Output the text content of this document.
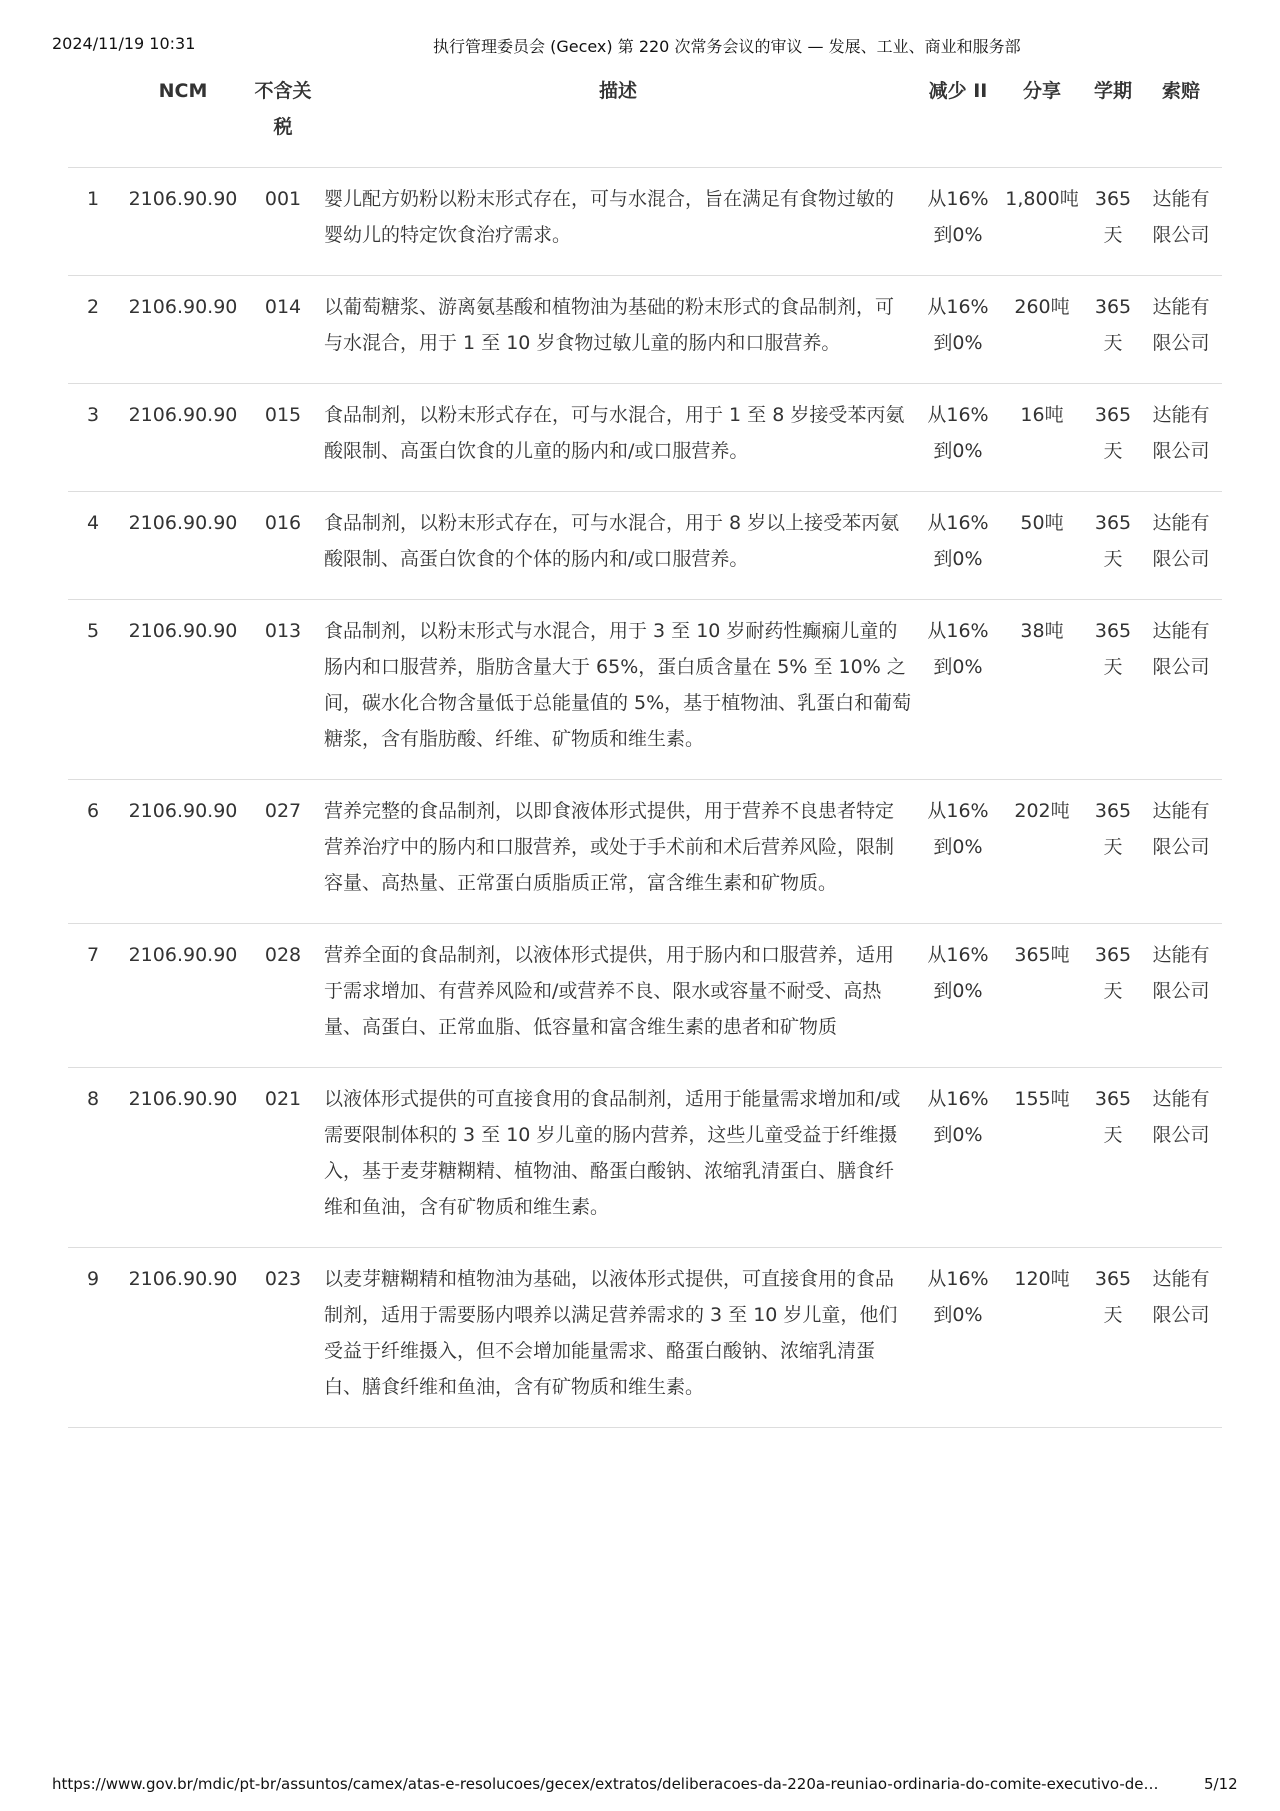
2024/11/19 10:31	执行管理委员会 (Gecex) 第 220 次常务会议的审议 — 发展、工业、商业和服务部
	NCM	不含关税	描述	减少 II	分享	学期	索赔
1	2106.90.90	001	婴儿配方奶粉以粉末形式存在，可与水混合，旨在满足有食物过敏的婴幼儿的特定饮食治疗需求。	从16%到0%	1,800吨	365天	达能有限公司
2	2106.90.90	014	以葡萄糖浆、游离氨基酸和植物油为基础的粉末形式的食品制剂，可与水混合，用于 1 至 10 岁食物过敏儿童的肠内和口服营养。	从16%到0%	260吨	365天	达能有限公司
3	2106.90.90	015	食品制剂，以粉末形式存在，可与水混合，用于 1 至 8 岁接受苯丙氨酸限制、高蛋白饮食的儿童的肠内和/或口服营养。	从16%到0%	16吨	365天	达能有限公司
4	2106.90.90	016	食品制剂，以粉末形式存在，可与水混合，用于 8 岁以上接受苯丙氨酸限制、高蛋白饮食的个体的肠内和/或口服营养。	从16%到0%	50吨	365天	达能有限公司
5	2106.90.90	013	食品制剂，以粉末形式与水混合，用于 3 至 10 岁耐药性癫痫儿童的肠内和口服营养，脂肪含量大于 65%，蛋白质含量在 5% 至 10% 之间，碳水化合物含量低于总能量值的 5%，基于植物油、乳蛋白和葡萄糖浆，含有脂肪酸、纤维、矿物质和维生素。	从16%到0%	38吨	365天	达能有限公司
6	2106.90.90	027	营养完整的食品制剂，以即食液体形式提供，用于营养不良患者特定营养治疗中的肠内和口服营养，或处于手术前和术后营养风险，限制容量、高热量、正常蛋白质脂质正常，富含维生素和矿物质。	从16%到0%	202吨	365天	达能有限公司
7	2106.90.90	028	营养全面的食品制剂，以液体形式提供，用于肠内和口服营养，适用于需求增加、有营养风险和/或营养不良、限水或容量不耐受、高热量、高蛋白、正常血脂、低容量和富含维生素的患者和矿物质	从16%到0%	365吨	365天	达能有限公司
8	2106.90.90	021	以液体形式提供的可直接食用的食品制剂，适用于能量需求增加和/或需要限制体积的 3 至 10 岁儿童的肠内营养，这些儿童受益于纤维摄入，基于麦芽糖糊精、植物油、酪蛋白酸钠、浓缩乳清蛋白、膳食纤维和鱼油，含有矿物质和维生素。	从16%到0%	155吨	365天	达能有限公司
9	2106.90.90	023	以麦芽糖糊精和植物油为基础，以液体形式提供，可直接食用的食品制剂，适用于需要肠内喂养以满足营养需求的 3 至 10 岁儿童，他们受益于纤维摄入，但不会增加能量需求、酪蛋白酸钠、浓缩乳清蛋白、膳食纤维和鱼油，含有矿物质和维生素。	从16%到0%	120吨	365天	达能有限公司
https://www.gov.br/mdic/pt-br/assuntos/camex/atas-e-resolucoes/gecex/extratos/deliberacoes-da-220a-reuniao-ordinaria-do-comite-executivo-de…	5/12
